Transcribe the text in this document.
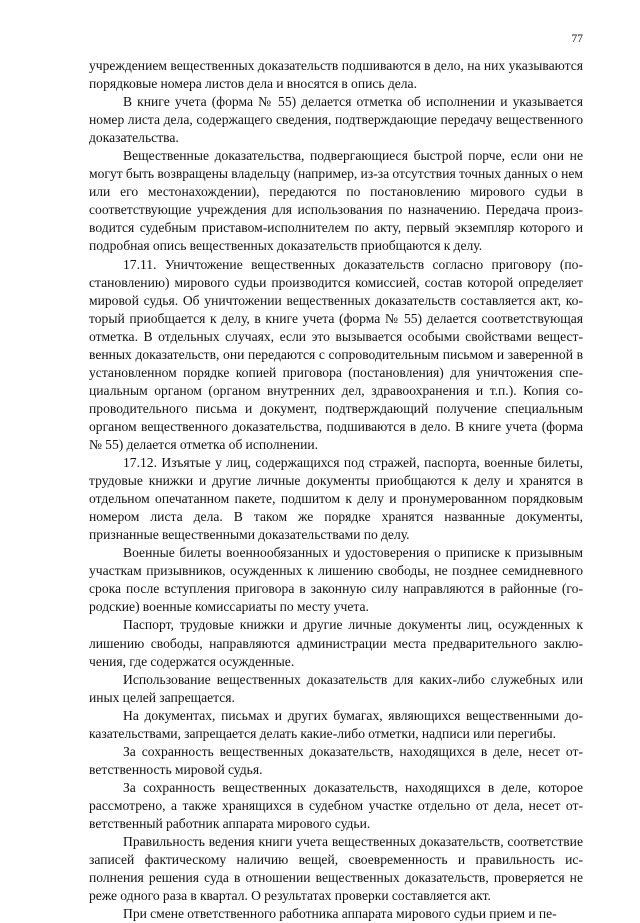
77

учреждением вещественных доказательств подшиваются в дело, на них указываются порядковые номера листов дела и вносятся в опись дела.

В книге учета (форма № 55) делается отметка об исполнении и указывается номер листа дела, содержащего сведения, подтверждающие передачу вещественного доказательства.

Вещественные доказательства, подвергающиеся быстрой порче, если они не могут быть возвращены владельцу (например, из-за отсутствия точных данных о нем или его местонахождении), передаются по постановлению мирового судьи в соответствующие учреждения для использования по назначению. Передача производится судебным приставом-исполнителем по акту, первый экземпляр которого и подробная опись вещественных доказательств приобщаются к делу.

17.11. Уничтожение вещественных доказательств согласно приговору (постановлению) мирового судьи производится комиссией, состав которой определяет мировой судья. Об уничтожении вещественных доказательств составляется акт, который приобщается к делу, в книге учета (форма № 55) делается соответствующая отметка. В отдельных случаях, если это вызывается особыми свойствами вещественных доказательств, они передаются с сопроводительным письмом и заверенной в установленном порядке копией приговора (постановления) для уничтожения специальным органом (органом внутренних дел, здравоохранения и т.п.). Копия сопроводительного письма и документ, подтверждающий получение специальным органом вещественного доказательства, подшиваются в дело. В книге учета (форма № 55) делается отметка об исполнении.

17.12. Изъятые у лиц, содержащихся под стражей, паспорта, военные билеты, трудовые книжки и другие личные документы приобщаются к делу и хранятся в отдельном опечатанном пакете, подшитом к делу и пронумерованном порядковым номером листа дела. В таком же порядке хранятся названные документы, признанные вещественными доказательствами по делу.

Военные билеты военнообязанных и удостоверения о приписке к призывным участкам призывников, осужденных к лишению свободы, не позднее семидневного срока после вступления приговора в законную силу направляются в районные (городские) военные комиссариаты по месту учета.

Паспорт, трудовые книжки и другие личные документы лиц, осужденных к лишению свободы, направляются администрации места предварительного заключения, где содержатся осужденные.

Использование вещественных доказательств для каких-либо служебных или иных целей запрещается.

На документах, письмах и других бумагах, являющихся вещественными доказательствами, запрещается делать какие-либо отметки, надписи или перегибы.

За сохранность вещественных доказательств, находящихся в деле, несет ответственность мировой судья.

За сохранность вещественных доказательств, находящихся в деле, которое рассмотрено, а также хранящихся в судебном участке отдельно от дела, несет ответственный работник аппарата мирового судьи.

Правильность ведения книги учета вещественных доказательств, соответствие записей фактическому наличию вещей, своевременность и правильность исполнения решения суда в отношении вещественных доказательств, проверяется не реже одного раза в квартал. О результатах проверки составляется акт.

При смене ответственного работника аппарата мирового судьи прием и пе-
